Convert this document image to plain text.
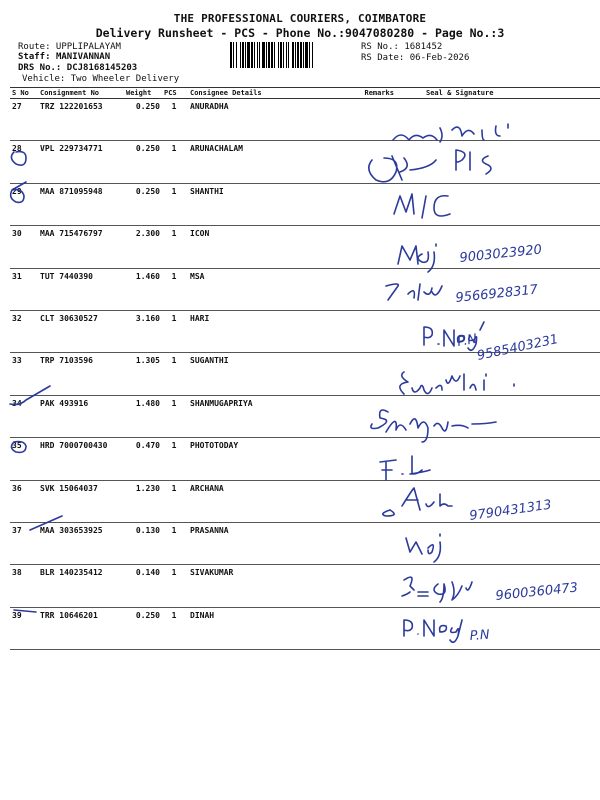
THE PROFESSIONAL COURIERS, COIMBATORE
Delivery Runsheet - PCS - Phone No.:9047080280 - Page No.:3
Route: UPPLIPALAYAM
Staff: MANIVANNAN
DRS No.: DCJ8168145203
Vehicle: Two Wheeler Delivery
RS No.: 1681452
RS Date: 06-Feb-2026
S No	Consignment No	Weight	PCS	Consignee Details	Remarks	Seal & Signature
27	TRZ 122201653	0.250	1	ANURADHA		
28	VPL 229734771	0.250	1	ARUNACHALAM		
29	MAA 871095948	0.250	1	SHANTHI		
30	MAA 715476797	2.300	1	ICON		
31	TUT 7440390	1.460	1	MSA		
32	CLT 30630527	3.160	1	HARI		
33	TRP 7103596	1.305	1	SUGANTHI		
34	PAK 493916	1.480	1	SHANMUGAPRIYA		
35	HRD 7000700430	0.470	1	PHOTOTODAY		
36	SVK 15064037	1.230	1	ARCHANA		
37	MAA 303653925	0.130	1	PRASANNA		
38	BLR 140235412	0.140	1	SIVAKUMAR		
39	TRR 10646201	0.250	1	DINAH		
9003023920
9566928317
P.N
9585403231
9790431313
9600360473
P.N
